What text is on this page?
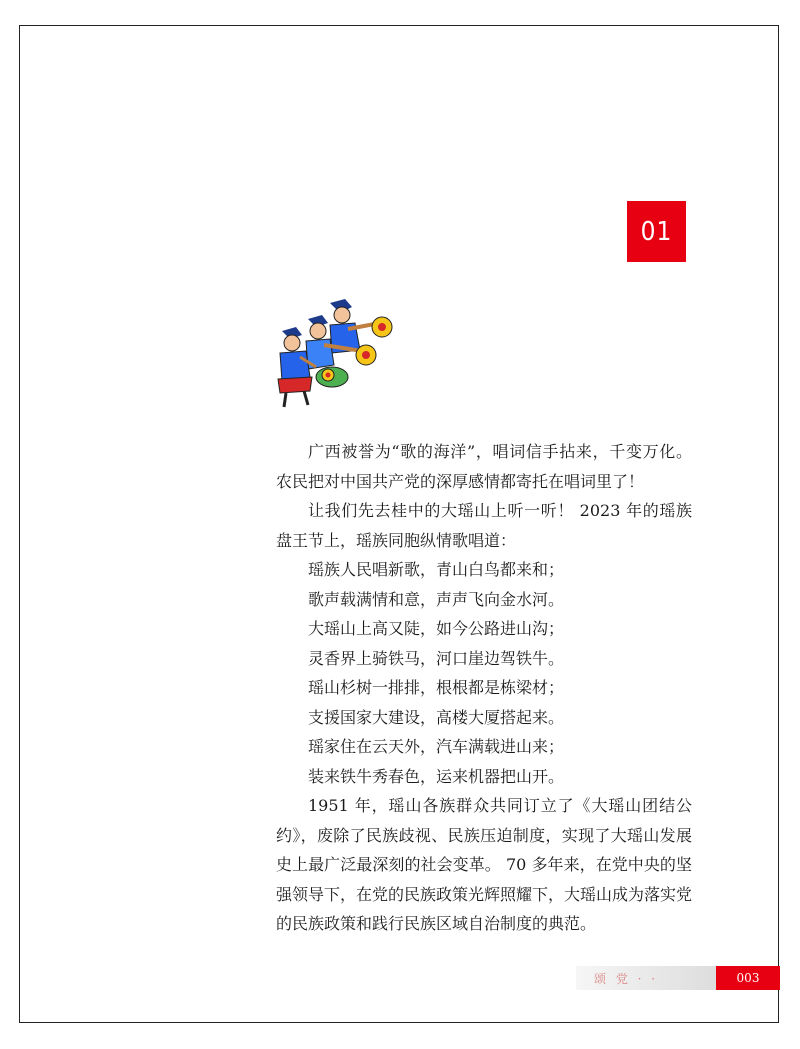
01

广西被誉为“歌的海洋”，唱词信手拈来，千变万化。农民把对中国共产党的深厚感情都寄托在唱词里了！

让我们先去桂中的大瑶山上听一听！ 2023 年的瑶族盘王节上，瑶族同胞纵情歌唱道：

瑶族人民唱新歌，青山白鸟都来和；
歌声载满情和意，声声飞向金水河。
大瑶山上高又陡，如今公路进山沟；
灵香界上骑铁马，河口崖边驾铁牛。
瑶山杉树一排排，根根都是栋梁材；
支援国家大建设，高楼大厦搭起来。
瑶家住在云天外，汽车满载进山来；
装来铁牛秀春色，运来机器把山开。

1951 年，瑶山各族群众共同订立了《大瑶山团结公约》，废除了民族歧视、民族压迫制度，实现了大瑶山发展史上最广泛最深刻的社会变革。 70 多年来，在党中央的坚强领导下，在党的民族政策光辉照耀下，大瑶山成为落实党的民族政策和践行民族区域自治制度的典范。

颂 党 · ·	003
